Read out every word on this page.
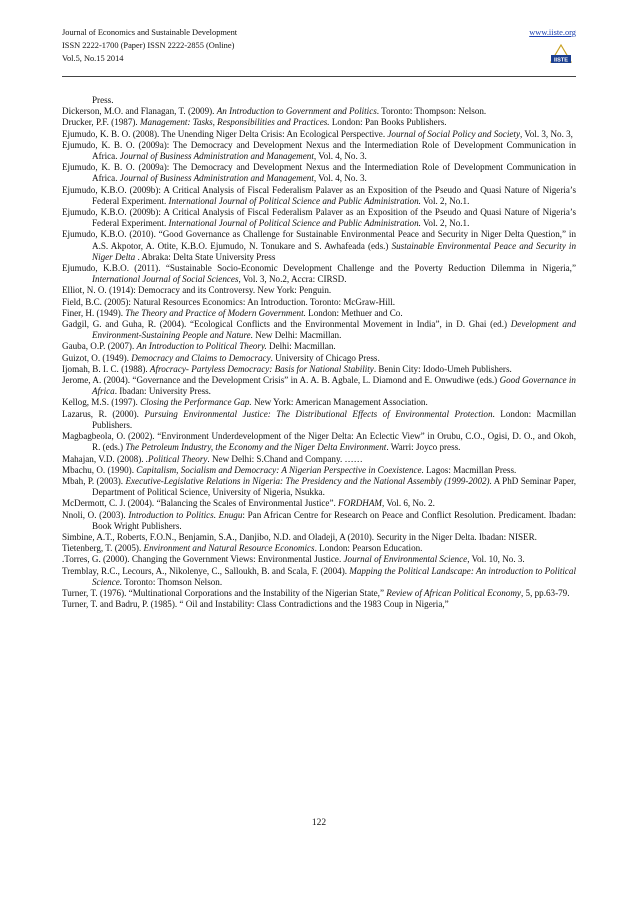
Journal of Economics and Sustainable Development
ISSN 2222-1700 (Paper) ISSN 2222-2855 (Online)
Vol.5, No.15 2014
www.iiste.org
IISTE

Press.

Dickerson, M.O. and Flanagan, T. (2009). An Introduction to Government and Politics. Toronto: Thompson: Nelson.

Drucker, P.F. (1987). Management: Tasks, Responsibilities and Practices. London: Pan Books Publishers.

Ejumudo, K. B. O. (2008). The Unending Niger Delta Crisis: An Ecological Perspective. Journal of Social Policy and Society, Vol. 3, No. 3,

Ejumudo, K. B. O. (2009a): The Democracy and Development Nexus and the Intermediation Role of Development Communication in Africa. Journal of Business Administration and Management, Vol. 4, No. 3.

Ejumudo, K. B. O. (2009a): The Democracy and Development Nexus and the Intermediation Role of Development Communication in Africa. Journal of Business Administration and Management, Vol. 4, No. 3.

Ejumudo, K.B.O. (2009b): A Critical Analysis of Fiscal Federalism Palaver as an Exposition of the Pseudo and Quasi Nature of Nigeria’s Federal Experiment. International Journal of Political Science and Public Administration. Vol. 2, No.1.

Ejumudo, K.B.O. (2009b): A Critical Analysis of Fiscal Federalism Palaver as an Exposition of the Pseudo and Quasi Nature of Nigeria’s Federal Experiment. International Journal of Political Science and Public Administration. Vol. 2, No.1.

Ejumudo, K.B.O. (2010). “Good Governance as Challenge for Sustainable Environmental Peace and Security in Niger Delta Question,” in A.S. Akpotor, A. Otite, K.B.O. Ejumudo, N. Tonukare and S. Awhafeada (eds.) Sustainable Environmental Peace and Security in Niger Delta . Abraka: Delta State University Press

Ejumudo, K.B.O. (2011). “Sustainable Socio-Economic Development Challenge and the Poverty Reduction Dilemma in Nigeria,” International Journal of Social Sciences, Vol. 3, No.2, Accra: CIRSD.

Elliot, N. O. (1914): Democracy and its Controversy. New York: Penguin.

Field, B.C. (2005): Natural Resources Economics: An Introduction. Toronto: McGraw-Hill.

Finer, H. (1949). The Theory and Practice of Modern Government. London: Methuer and Co.

Gadgil, G. and Guha, R. (2004). “Ecological Conflicts and the Environmental Movement in India”, in D. Ghai (ed.) Development and Environment-Sustaining People and Nature. New Delhi: Macmillan.

Gauba, O.P. (2007). An Introduction to Political Theory. Delhi: Macmillan.

Guizot, O. (1949). Democracy and Claims to Democracy. University of Chicago Press.

Ijomah, B. I. C. (1988). Afrocracy- Partyless Democracy: Basis for National Stability. Benin City: Idodo-Umeh Publishers.

Jerome, A. (2004). “Governance and the Development Crisis” in A. A. B. Agbale, L. Diamond and E. Onwudiwe (eds.) Good Governance in Africa. Ibadan: University Press.

Kellog, M.S. (1997). Closing the Performance Gap. New York: American Management Association.

Lazarus, R. (2000). Pursuing Environmental Justice: The Distributional Effects of Environmental Protection. London: Macmillan Publishers.

Magbagbeola, O. (2002). “Environment Underdevelopment of the Niger Delta: An Eclectic View” in Orubu, C.O., Ogisi, D. O., and Okoh, R. (eds.) The Petroleum Industry, the Economy and the Niger Delta Environment. Warri: Joyco press.

Mahajan, V.D. (2008). .Political Theory. New Delhi: S.Chand and Company. ……

Mbachu, O. (1990). Capitalism, Socialism and Democracy: A Nigerian Perspective in Coexistence. Lagos: Macmillan Press.

Mbah, P. (2003). Executive-Legislative Relations in Nigeria: The Presidency and the National Assembly (1999-2002). A PhD Seminar Paper, Department of Political Science, University of Nigeria, Nsukka.

McDermott, C. J. (2004). “Balancing the Scales of Environmental Justice”. FORDHAM, Vol. 6, No. 2.

Nnoli, O. (2003). Introduction to Politics. Enugu: Pan African Centre for Research on Peace and Conflict Resolution. Predicament. Ibadan: Book Wright Publishers.

Simbine, A.T., Roberts, F.O.N., Benjamin, S.A., Danjibo, N.D. and Oladeji, A (2010). Security in the Niger Delta. Ibadan: NISER.

Tietenberg, T. (2005). Environment and Natural Resource Economics. London: Pearson Education.

.Torres, G. (2000). Changing the Government Views: Environmental Justice. Journal of Environmental Science, Vol. 10, No. 3.

Tremblay, R.C., Lecours, A., Nikolenye, C., Salloukh, B. and Scala, F. (2004). Mapping the Political Landscape: An introduction to Political Science. Toronto: Thomson Nelson.

Turner, T. (1976). “Multinational Corporations and the Instability of the Nigerian State,” Review of African Political Economy, 5, pp.63-79.

Turner, T. and Badru, P. (1985). “ Oil and Instability: Class Contradictions and the 1983 Coup in Nigeria,”

122
